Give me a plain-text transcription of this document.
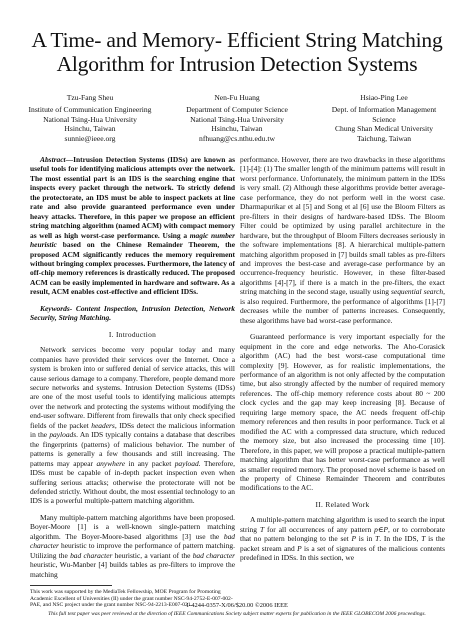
A Time- and Memory- Efficient String Matching
Algorithm for Intrusion Detection Systems
Tzu-Fang Sheu
Institute of Communication Engineering
National Tsing-Hua University
Hsinchu, Taiwan
sunnie@ieee.org
Nen-Fu Huang
Department of Computer Science
National Tsing-Hua University
Hsinchu, Taiwan
nfhuang@cs.nthu.edu.tw
Hsiao-Ping Lee
Dept. of Information Management
Science
Chung Shan Medical University
Taichung, Taiwan

Abstract—Intrusion Detection Systems (IDSs) are known as useful tools for identifying malicious attempts over the network. The most essential part is an IDS is the searching engine that inspects every packet through the network. To strictly defend the protectorate, an IDS must be able to inspect packets at line rate and also provide guaranteed performance even under heavy attacks. Therefore, in this paper we propose an efficient string matching algorithm (named ACM) with compact memory as well as high worst-case performance. Using a magic number heuristic based on the Chinese Remainder Theorem, the proposed ACM significantly reduces the memory requirement without bringing complex processes. Furthermore, the latency of off-chip memory references is drastically reduced. The proposed ACM can be easily implemented in hardware and software. As a result, ACM enables cost-effective and efficient IDSs.

Keywords- Content Inspection, Intrusion Detection, Network Security, String Matching.

I. Introduction

Network services become very popular today and many companies have provided their services over the Internet. Once a system is broken into or suffered denial of service attacks, this will cause serious damage to a company. Therefore, people demand more secure networks and systems. Intrusion Detection Systems (IDSs) are one of the most useful tools to identifying malicious attempts over the network and protecting the systems without modifying the end-user software. Different from firewalls that only check specified fields of the packet headers, IDSs detect the malicious information in the payloads. An IDS typically contains a database that describes the fingerprints (patterns) of malicious behavior. The number of patterns is generally a few thousands and still increasing. The patterns may appear anywhere in any packet payload. Therefore, IDSs must be capable of in-depth packet inspection even when suffering serious attacks; otherwise the protectorate will not be defended strictly. Without doubt, the most essential technology to an IDS is a powerful multiple-pattern matching algorithm.

Many multiple-pattern matching algorithms have been proposed. Boyer-Moore [1] is a well-known single-pattern matching algorithm. The Boyer-Moore-based algorithms [3] use the bad character heuristic to improve the performance of pattern matching. Utilizing the bad character heuristic, a variant of the bad character heuristic, Wu-Manber [4] builds tables as pre-filters to improve the matching

performance. However, there are two drawbacks in these algorithms [1]-[4]: (1) The smaller length of the minimum patterns will result in worst performance. Unfortunately, the minimum pattern in the IDSs is very small. (2) Although these algorithms provide better average-case performance, they do not perform well in the worst case. Dharmapurikar et al [5] and Song et al [6] use the Bloom Filters as pre-filters in their designs of hardware-based IDSs. The Bloom Filter could be optimized by using parallel architecture in the hardware, but the throughput of Bloom Filters decreases seriously in the software implementations [8]. A hierarchical multiple-pattern matching algorithm proposed in [7] builds small tables as pre-filters and improves the best-case and average-case performance by an occurrence-frequency heuristic. However, in these filter-based algorithms [4]-[7], if there is a match in the pre-filters, the exact string matching in the second stage, usually using sequential search, is also required. Furthermore, the performance of algorithms [1]-[7] decreases while the number of patterns increases. Consequently, these algorithms have bad worst-case performance.

Guaranteed performance is very important especially for the equipment in the core and edge networks. The Aho-Corasick algorithm (AC) had the best worst-case computational time complexity [9]. However, as for realistic implementations, the performance of an algorithm is not only affected by the computation time, but also strongly affected by the number of required memory references. The off-chip memory reference costs about 80 ~ 200 clock cycles and the gap may keep increasing [8]. Because of requiring large memory space, the AC needs frequent off-chip memory references and then results in poor performance. Tuck et al modified the AC with a compressed data structure, which reduced the memory size, but also increased the processing time [10]. Therefore, in this paper, we will propose a practical multiple-pattern matching algorithm that has better worst-case performance as well as smaller required memory. The proposed novel scheme is based on the property of Chinese Remainder Theorem and contributes modifications to the AC.

II. Related Work

A multiple-pattern matching algorithm is used to search the input string T for all occurrences of any pattern p∈P, or to corroborate that no pattern belonging to the set P is in T. In the IDS, T is the packet stream and P is a set of signatures of the malicious contents predefined in IDSs. In this section, we

This work was supported by the MediaTek Fellowship, MOE Program for Promoting Academic Excellent of Universities (II) under the grant number NSC-94-2752-E-007-002-PAE, and NSC project under the grant number NSC-94-2213-E007-021.
1-4244-0357-X/06/$20.00 ©2006 IEEE
This full text paper was peer reviewed at the direction of IEEE Communications Society subject matter experts for publication in the IEEE GLOBECOM 2006 proceedings.
